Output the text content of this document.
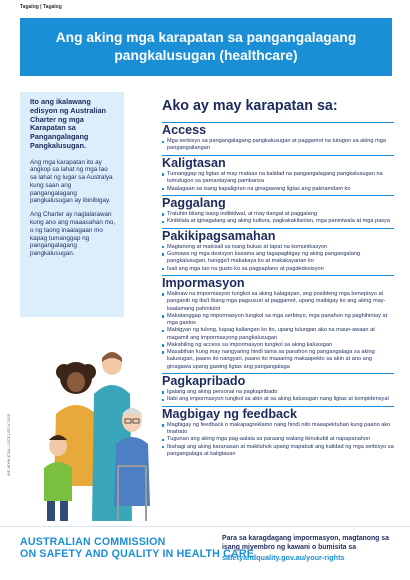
Tagalog | Tagalog
Ang aking mga karapatan sa pangangalagang pangkalusugan (healthcare)
Ito ang ikalawang edisyon ng Australian Charter ng mga Karapatan sa Pangangalagang Pangkalusugan.

Ang mga karapatan ito ay angkop sa lahat ng mga tao sa lahat ng lugar sa Australya kung saan ang pangangalagang pangkalusugan ay ibinibigay.

Ang Charter ay naglalarawan kung ano ang maaasahan mo, o ng taong inaalagaan mo kapag tumanggap ng pangangalagang pangkalusugan.

INF-ATHH-ETAL-1 DCF1-ED-V 2019
Ako ay may karapatan sa:
Access
Mga serbisyo sa pangangalagang pangkalusugan at paggamot na tutugon sa aking mga pangangailangan
Kaligtasan
Tumanggap ng ligtas at may mataas na kalidad na pangangalagang pangkalusugan na tumutugon sa pamantayang pambansa
Maalagaan sa isang kapaligiran na ginagawang ligtas ang pakiramdam ko
Paggalang
Tratuhin bilang isang indibidwal, at may dangal at paggalang
Kinikilala at iginagalang ang aking kultura, pagkakakilanlan, mga paniniwala at mga pasya
Pakikipagsamahan
Magtanong at makisali sa isang bukas at tapat na komunikasyon
Gumawa ng mga desisyon kasama ang tagapagbigay ng aking pangangalang pangkalusugan, hangga't makakaya ko at makakayanan ko
Isali ang mga tao na gusto ko sa pagpaplano at pagdedesisyon
Impormasyon
Malinaw na impormasyon tungkol sa aking kalagayan, ang posibleng mga benepisyo at panganib ng iba't ibang mga pagsusuri at paggamot, upang maibigay ko ang aking may-kaalamang pahintulot
Makatanggap ng impormasyon tungkol sa mga serbisyo, mga panahon ng paghihintay at mga gastos
Mabigyan ng tulong, kapag kailangan ko ito, upang tulungan ako na maun-awaan at magamit ang impormasyong pangkalusugan
Makahiling ng access sa impormasyon tungkol sa aking kalusugan
Masabihan kung may nangyaring hindi tama sa panahon ng pangangalaga sa aking kalusugan, paano ito nangyari, paano ito maaaring makaapekto sa akin at ano ang ginagawa upang gawing ligtas ang pangangalaga
Pagkapribado
Igalang ang aking personal na pagkapribado
Itabi ang impormasyon tungkol sa akin at sa aking kalusugan nang ligtas at kompidensyal
Magbigay ng feedback
Magbigay ng feedback o makapagreklamo nang hindi nito maaapektuhan kung paano ako tinatrato
Tugunan ang aking mga pag-aalala sa paraang walang ikinukubli at napapanahon
Ibahagi ang aking karanasan at makilahok upang mapabuti ang kalidad ng mga serbisyo sa pangangalaga at kaligtasan
AUSTRALIAN COMMISSION
ON SAFETY AND QUALITY IN HEALTH CARE
Para sa karagdagang impormasyon, magtanong sa isang miyembro ng kawani o bumisita sa
safetyandquality.gov.au/your-rights
